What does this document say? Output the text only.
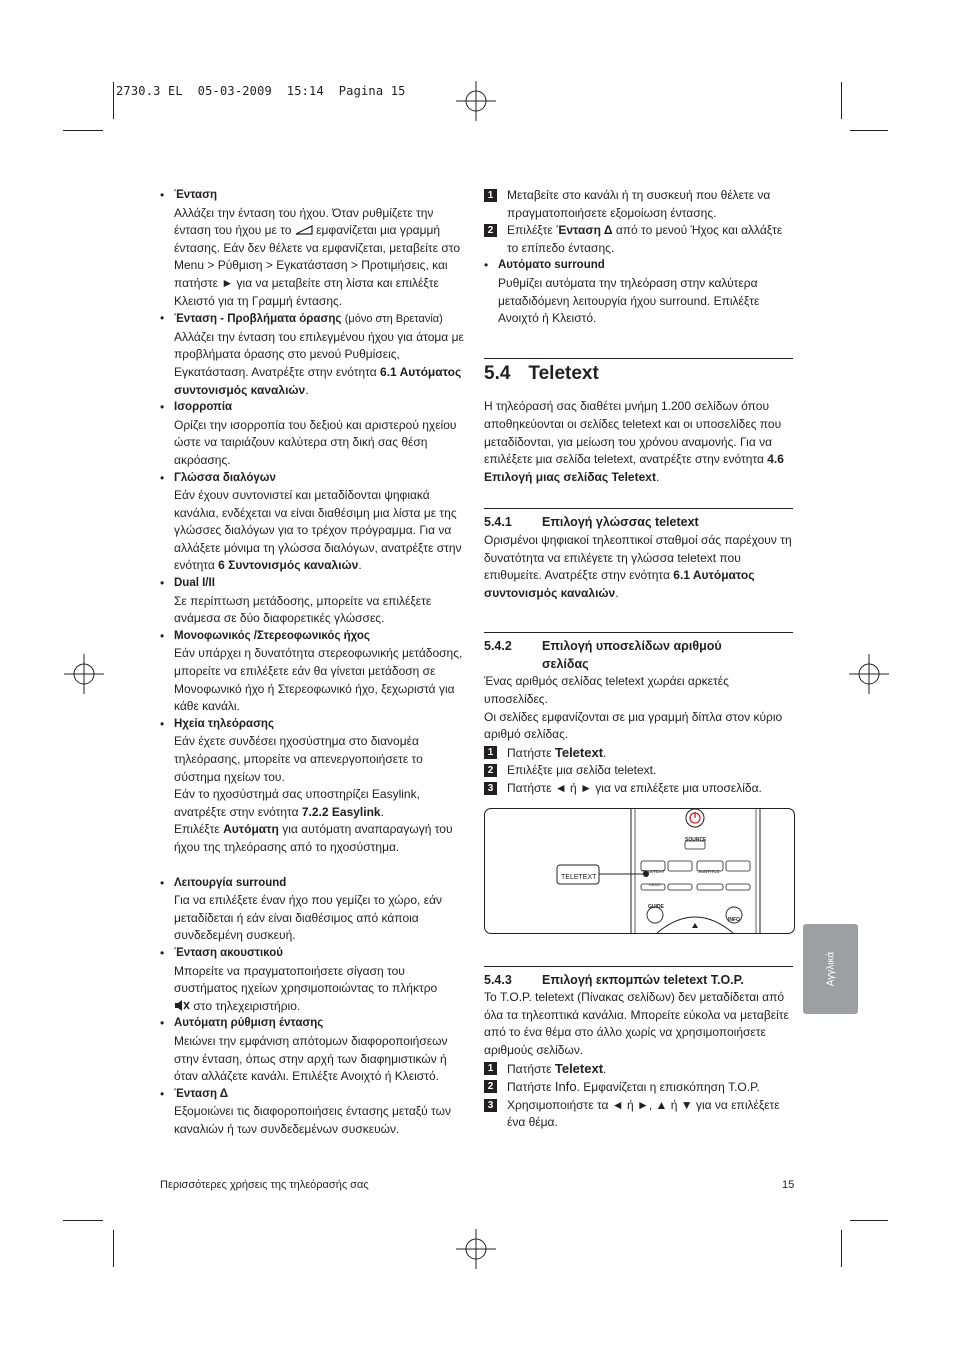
2730.3 EL  05-03-2009  15:14  Pagina 15
• Ένταση
Αλλάζει την ένταση του ήχου. Όταν ρυθμίζετε την ένταση του ήχου με το εμφανίζεται μια γραμμή έντασης. Εάν δεν θέλετε να εμφανίζεται, μεταβείτε στο Menu > Ρύθμιση > Εγκατάσταση > Προτιμήσεις, και πατήστε ► για να μεταβείτε στη λίστα και επιλέξτε Κλειστό για τη Γραμμή έντασης.
• Ένταση - Προβλήματα όρασης (μόνο στη Βρετανία)
Αλλάζει την ένταση του επιλεγμένου ήχου για άτομα με προβλήματα όρασης στο μενού Ρυθμίσεις, Εγκατάσταση. Ανατρέξτε στην ενότητα 6.1 Αυτόματος συντονισμός καναλιών.
• Ισορροπία
Ορίζει την ισορροπία του δεξιού και αριστερού ηχείου ώστε να ταιριάζουν καλύτερα στη δική σας θέση ακρόασης.
• Γλώσσα διαλόγων
Εάν έχουν συντονιστεί και μεταδίδονται ψηφιακά κανάλια, ενδέχεται να είναι διαθέσιμη μια λίστα με της γλώσσες διαλόγων για το τρέχον πρόγραμμα. Για να αλλάξετε μόνιμα τη γλώσσα διαλόγων, ανατρέξτε στην ενότητα 6 Συντονισμός καναλιών.
• Dual I/II
Σε περίπτωση μετάδοσης, μπορείτε να επιλέξετε ανάμεσα σε δύο διαφορετικές γλώσσες.
• Μονοφωνικός /Στερεοφωνικός ήχος
Εάν υπάρχει η δυνατότητα στερεοφωνικής μετάδοσης, μπορείτε να επιλέξετε εάν θα γίνεται μετάδοση σε Μονοφωνικό ήχο ή Στερεοφωνικό ήχο, ξεχωριστά για κάθε κανάλι.
• Ηχεία τηλεόρασης
Εάν έχετε συνδέσει ηχοσύστημα στο διανομέα τηλεόρασης, μπορείτε να απενεργοποιήσετε το σύστημα ηχείων του.
Εάν το ηχοσύστημά σας υποστηρίζει Easylink, ανατρέξτε στην ενότητα 7.2.2 Easylink.
Επιλέξτε Αυτόματη για αυτόματη αναπαραγωγή του ήχου της τηλεόρασης από το ηχοσύστημα.
• Λειτουργία surround
Για να επιλέξετε έναν ήχο που γεμίζει το χώρο, εάν μεταδίδεται ή εάν είναι διαθέσιμος από κάποια συνδεδεμένη συσκευή.
• Ένταση ακουστικού
Μπορείτε να πραγματοποιήσετε σίγαση του συστήματος ηχείων χρησιμοποιώντας το πλήκτρο
στο τηλεχειριστήριο.
• Αυτόματη ρύθμιση έντασης
Μειώνει την εμφάνιση απότομων διαφοροποιήσεων στην ένταση, όπως στην αρχή των διαφημιστικών ή όταν αλλάζετε κανάλι. Επιλέξτε Ανοιχτό ή Κλειστό.
• Ένταση Δ
Εξομοιώνει τις διαφοροποιήσεις έντασης μεταξύ των καναλιών ή των συνδεδεμένων συσκευών.
1	Μεταβείτε στο κανάλι ή τη συσκευή που θέλετε να πραγματοποιήσετε εξομοίωση έντασης.
2	Επιλέξτε Ένταση Δ από το μενού Ήχος και αλλάξτε το επίπεδο έντασης.
• Αυτόματο surround
Ρυθμίζει αυτόματα την τηλεόραση στην καλύτερα μεταδιδόμενη λειτουργία ήχου surround. Επιλέξτε Ανοιχτό ή Κλειστό.
5.4 Teletext
Η τηλεόρασή σας διαθέτει μνήμη 1.200 σελίδων όπου αποθηκεύονται οι σελίδες teletext και οι υποσελίδες που μεταδίδονται, για μείωση του χρόνου αναμονής. Για να επιλέξετε μια σελίδα teletext, ανατρέξτε στην ενότητα 4.6 Επιλογή μιας σελίδας Teletext.
5.4.1	Επιλογή γλώσσας teletext
Ορισμένοι ψηφιακοί τηλεοπτικοί σταθμοί σάς παρέχουν τη δυνατότητα να επιλέγετε τη γλώσσα teletext που επιθυμείτε. Ανατρέξτε στην ενότητα 6.1 Αυτόματος συντονισμός καναλιών.
5.4.2	Επιλογή υποσελίδων αριθμού σελίδας
Ένας αριθμός σελίδας teletext χωράει αρκετές υποσελίδες.
Οι σελίδες εμφανίζονται σε μια γραμμή δίπλα στον κύριο αριθμό σελίδας.
1	Πατήστε Teletext.
2	Επιλέξτε μια σελίδα teletext.
3	Πατήστε ◄ ή ► για να επιλέξετε μια υποσελίδα.
TELETEXT
SOURCE
TELETEXT	SUBTITLE
DEMO
GUIDE
INFO
5.4.3	Επιλογή εκπομπών teletext T.O.P.
Το T.O.P. teletext (Πίνακας σελίδων) δεν μεταδίδεται από όλα τα τηλεοπτικά κανάλια. Μπορείτε εύκολα να μεταβείτε από το ένα θέμα στο άλλο χωρίς να χρησιμοποιήσετε αριθμούς σελίδων.
1	Πατήστε Teletext.
2	Πατήστε Info. Εμφανίζεται η επισκόπηση T.O.P.
3	Χρησιμοποιήστε τα ◄ ή ►, ▲ ή ▼ για να επιλέξετε ένα θέμα.
Αγγλικά
Περισσότερες χρήσεις της τηλεόρασής σας	15
